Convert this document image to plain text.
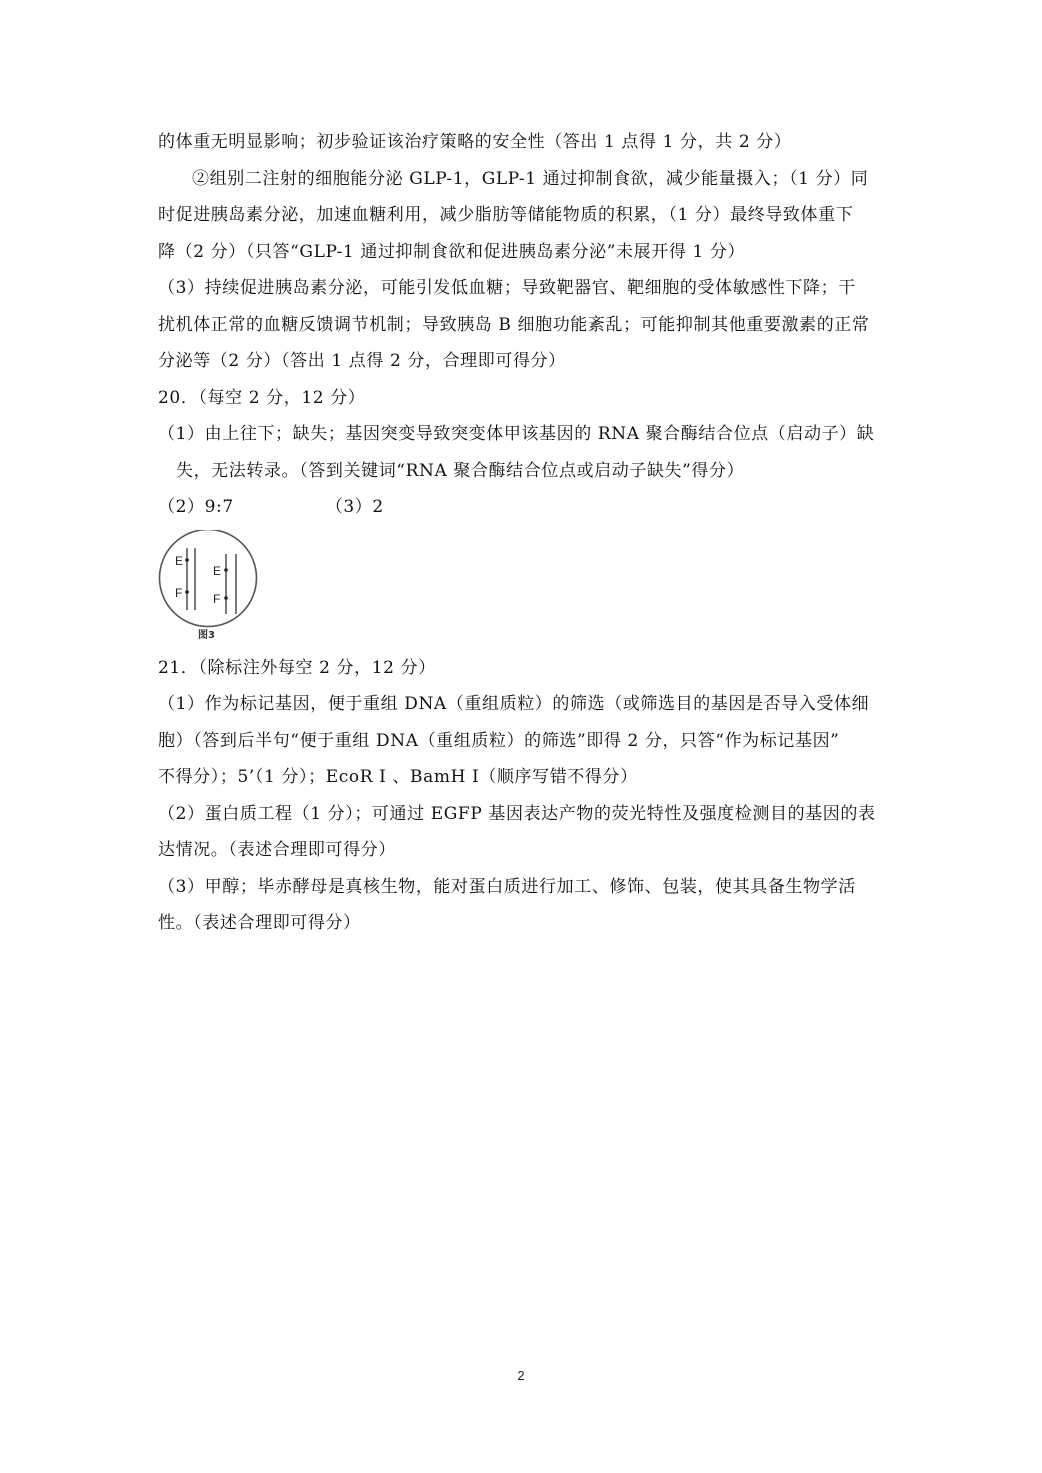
的体重无明显影响；初步验证该治疗策略的安全性（答出 1 点得 1 分，共 2 分）
②组别二注射的细胞能分泌 GLP-1，GLP-1 通过抑制食欲，减少能量摄入；（1 分）同
时促进胰岛素分泌，加速血糖利用，减少脂肪等储能物质的积累，（1 分）最终导致体重下
降（2 分）（只答“GLP-1 通过抑制食欲和促进胰岛素分泌”未展开得 1 分）
（3）持续促进胰岛素分泌，可能引发低血糖；导致靶器官、靶细胞的受体敏感性下降；干
扰机体正常的血糖反馈调节机制；导致胰岛 B 细胞功能紊乱；可能抑制其他重要激素的正常
分泌等（2 分）（答出 1 点得 2 分，合理即可得分）
20．（每空 2 分，12 分）
（1）由上往下；缺失；基因突变导致突变体甲该基因的 RNA 聚合酶结合位点（启动子）缺
失，无法转录。（答到关键词“RNA 聚合酶结合位点或启动子缺失”得分）
（2）9:7	（3）2
E
F
E
F
图3
21．（除标注外每空 2 分，12 分）
（1）作为标记基因，便于重组 DNA（重组质粒）的筛选（或筛选目的基因是否导入受体细
胞）（答到后半句“便于重组 DNA（重组质粒）的筛选”即得 2 分，只答“作为标记基因”
不得分）；5’（1 分）；EcoR I 、BamH I（顺序写错不得分）
（2）蛋白质工程（1 分）；可通过 EGFP 基因表达产物的荧光特性及强度检测目的基因的表
达情况。（表述合理即可得分）
（3）甲醇；毕赤酵母是真核生物，能对蛋白质进行加工、修饰、包装，使其具备生物学活
性。（表述合理即可得分）
2
